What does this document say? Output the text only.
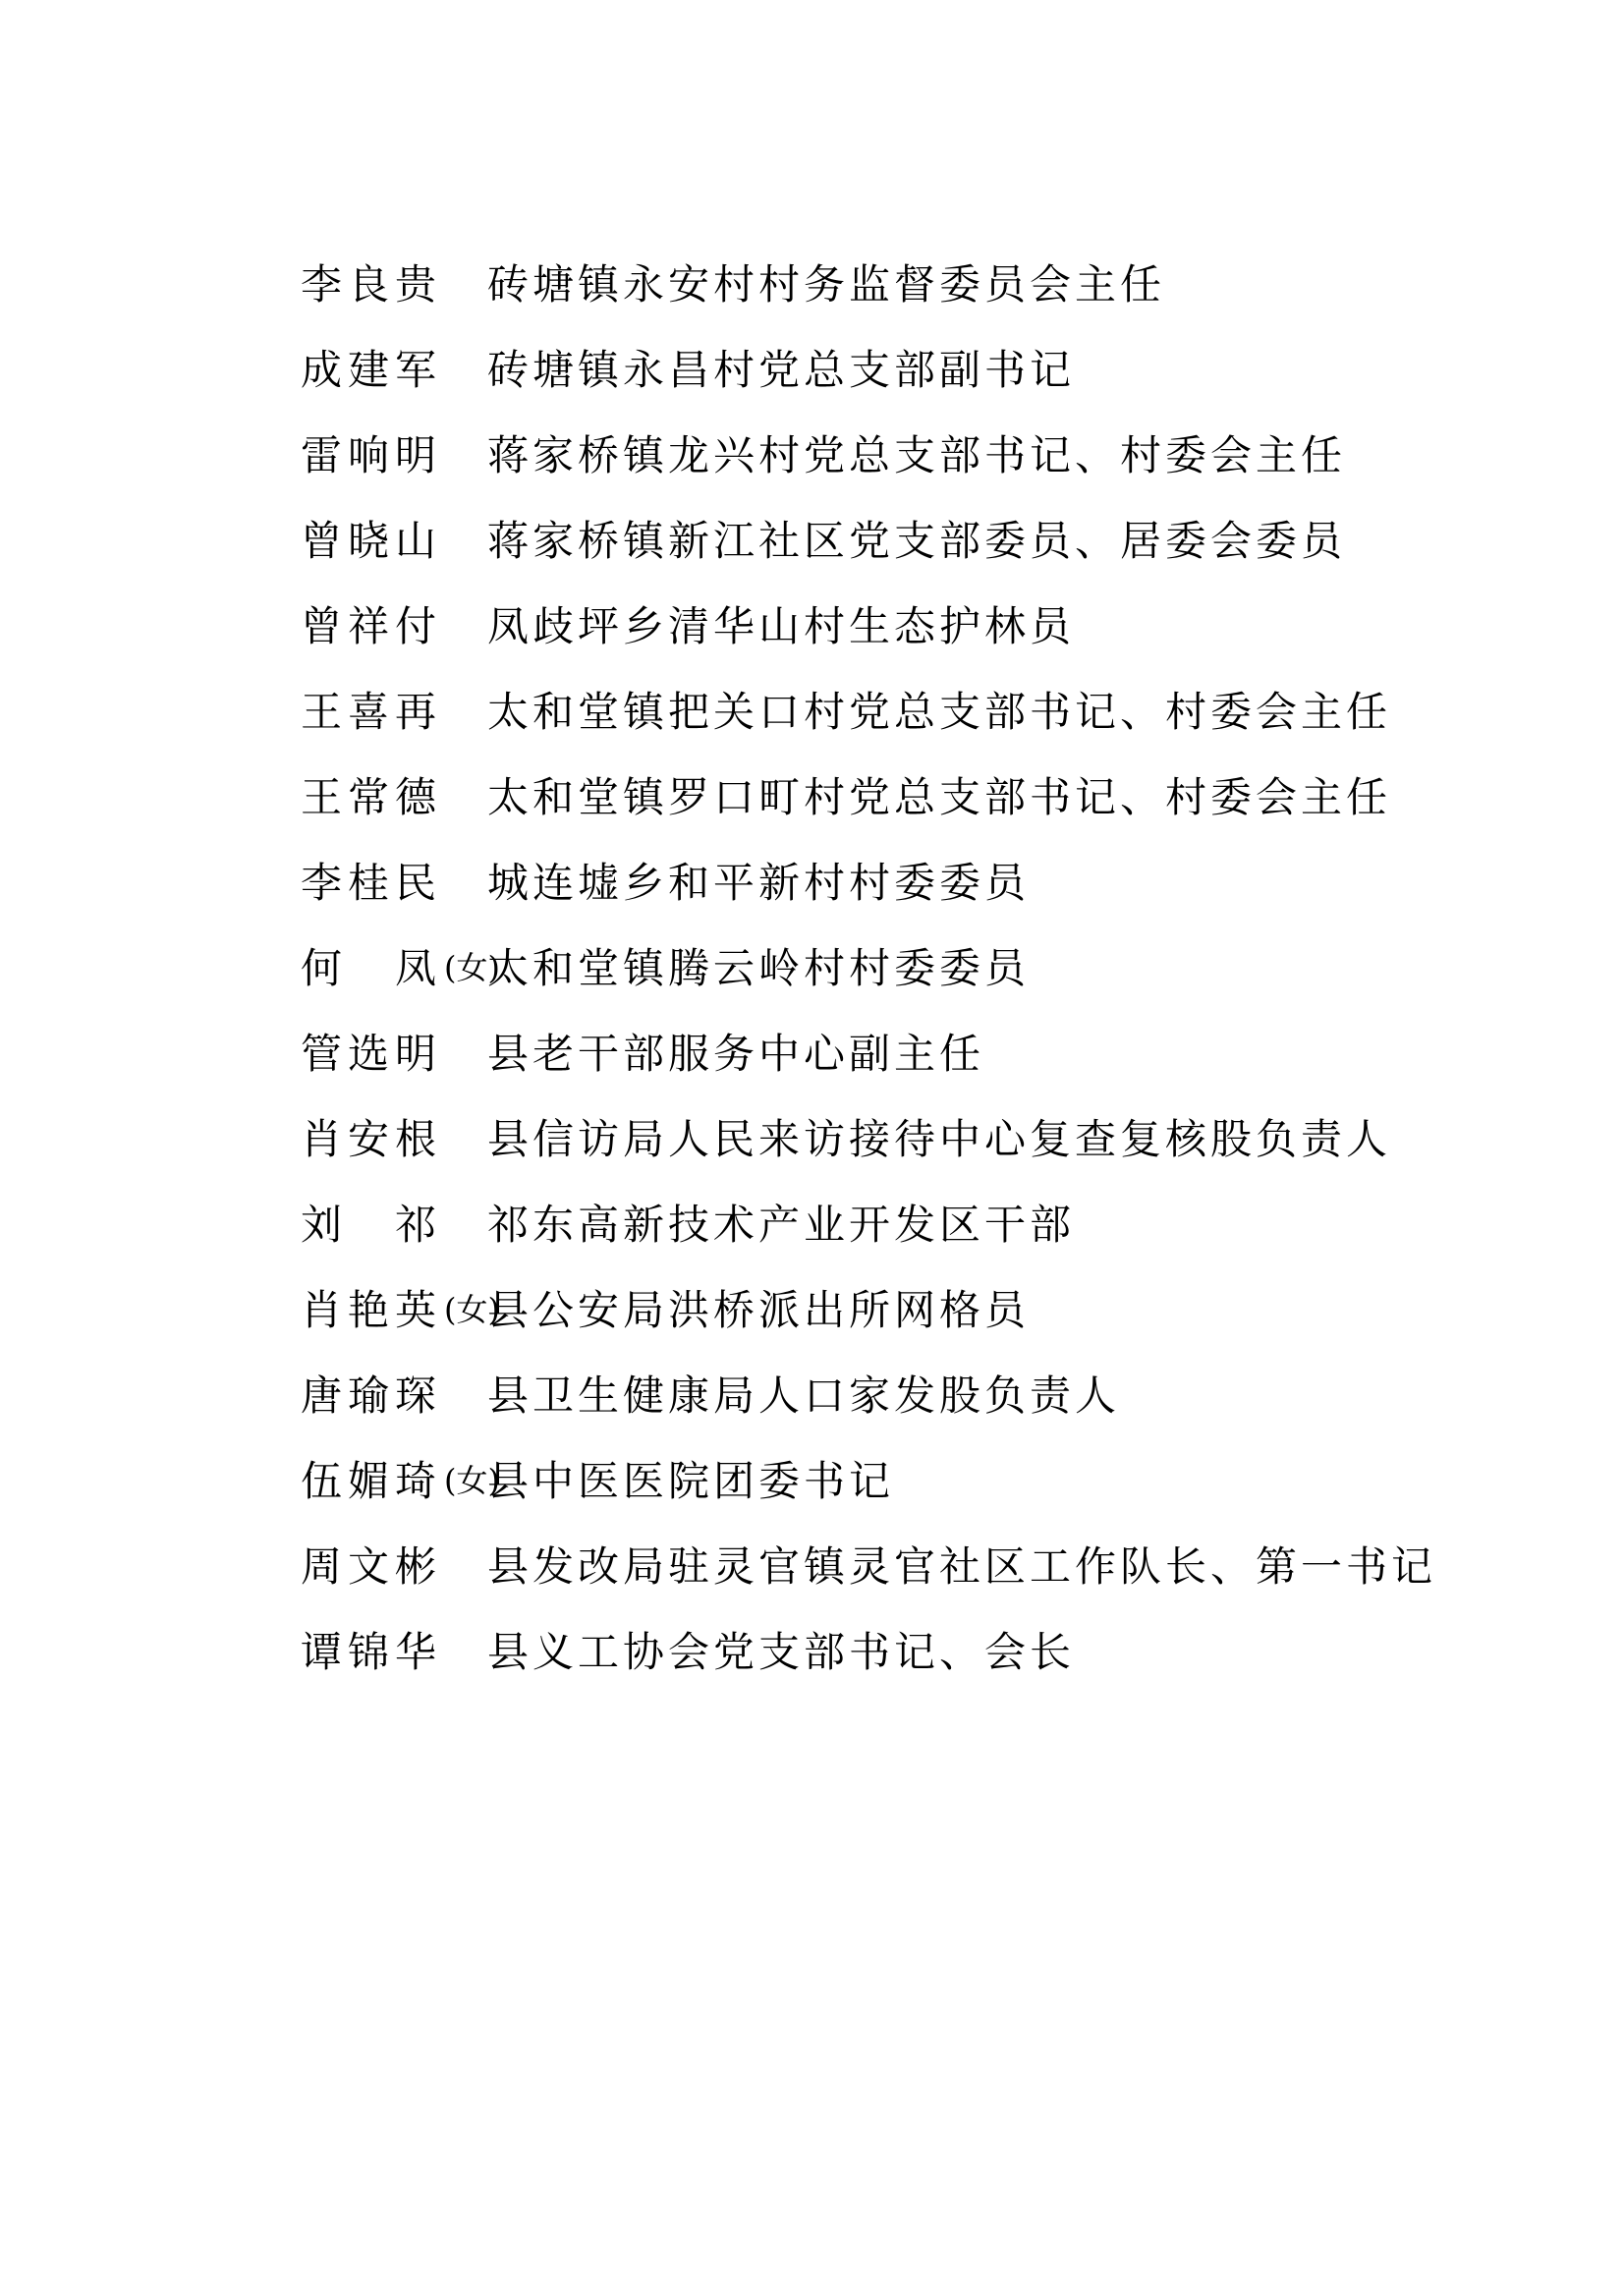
李良贵 砖塘镇永安村村务监督委员会主任
成建军 砖塘镇永昌村党总支部副书记
雷响明 蒋家桥镇龙兴村党总支部书记、村委会主任
曾晓山 蒋家桥镇新江社区党支部委员、居委会委员
曾祥付 凤歧坪乡清华山村生态护林员
王喜再 太和堂镇把关口村党总支部书记、村委会主任
王常德 太和堂镇罗口町村党总支部书记、村委会主任
李桂民 城连墟乡和平新村村委委员
何　凤 (女)
太和堂镇腾云岭村村委委员
管选明 县老干部服务中心副主任
肖安根 县信访局人民来访接待中心复查复核股负责人
刘　祁 祁东高新技术产业开发区干部
肖艳英 (女)
县公安局洪桥派出所网格员
唐瑜琛 县卫生健康局人口家发股负责人
伍媚琦 (女)
县中医医院团委书记
周文彬 县发改局驻灵官镇灵官社区工作队长、第一书记
谭锦华 县义工协会党支部书记、会长
